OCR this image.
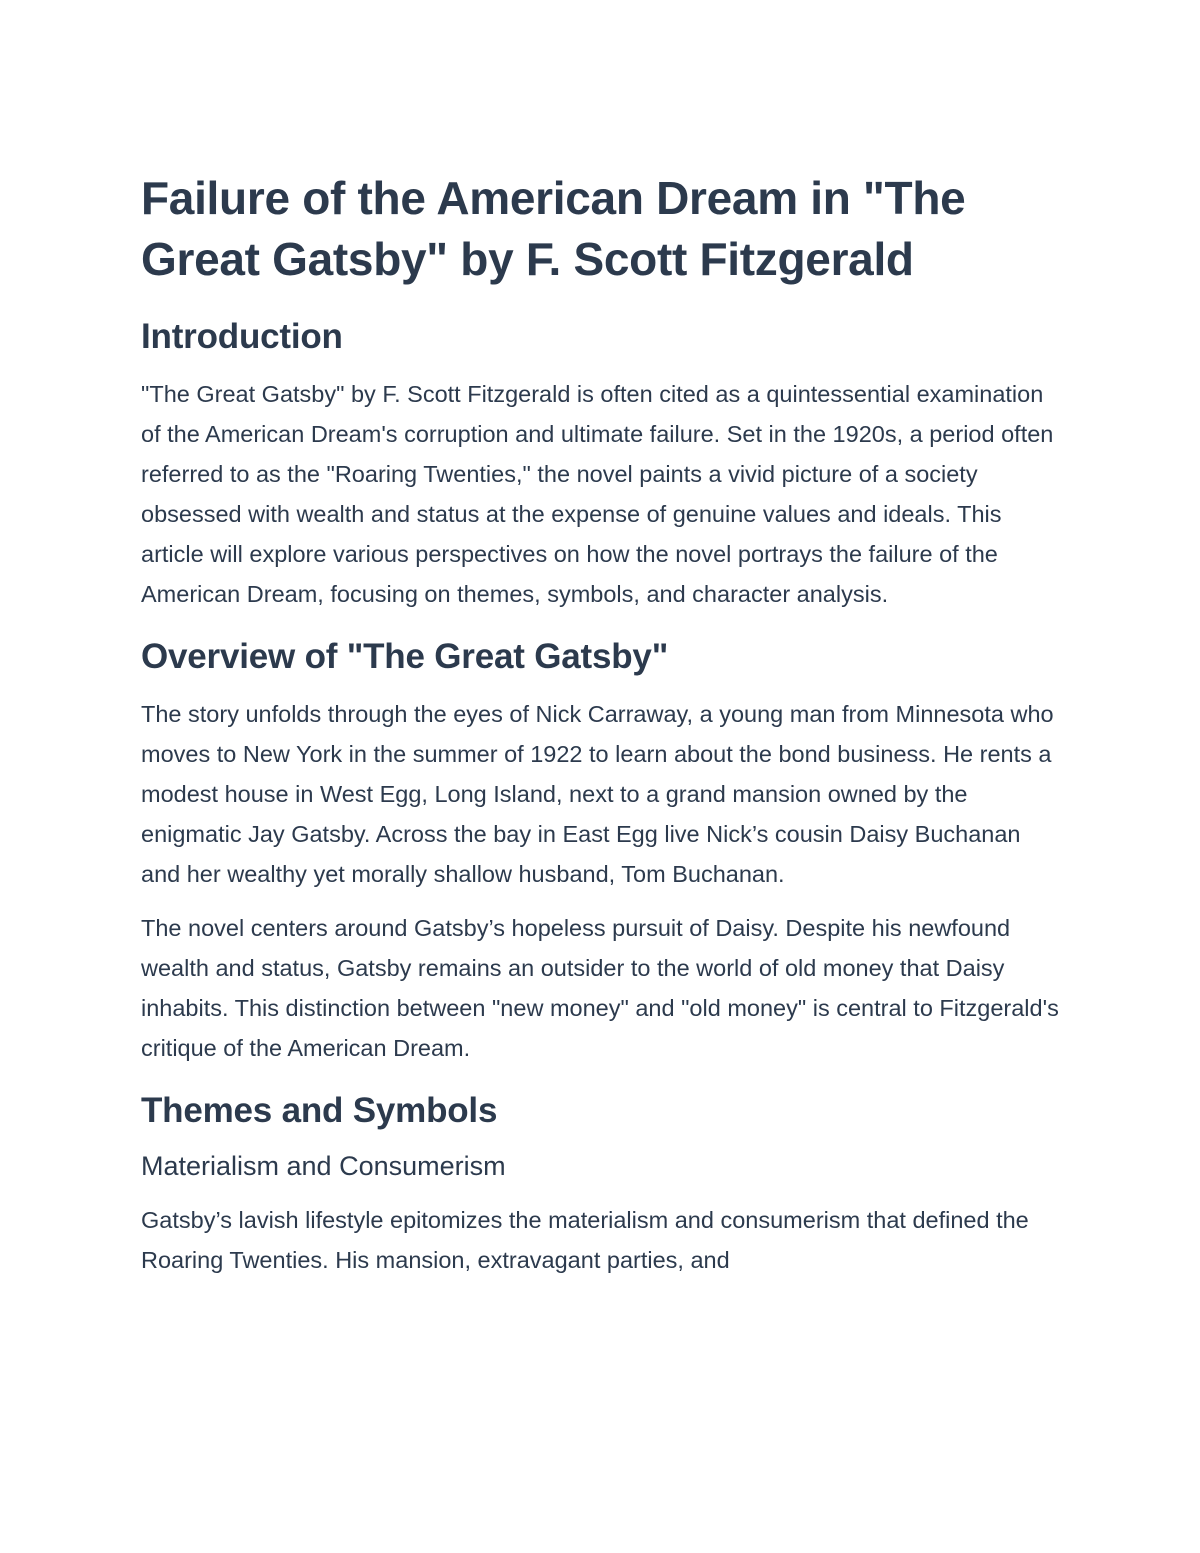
Failure of the American Dream in "The Great Gatsby" by F. Scott Fitzgerald
Introduction

"The Great Gatsby" by F. Scott Fitzgerald is often cited as a quintessential examination of the American Dream's corruption and ultimate failure. Set in the 1920s, a period often referred to as the "Roaring Twenties," the novel paints a vivid picture of a society obsessed with wealth and status at the expense of genuine values and ideals. This article will explore various perspectives on how the novel portrays the failure of the American Dream, focusing on themes, symbols, and character analysis.

Overview of "The Great Gatsby"

The story unfolds through the eyes of Nick Carraway, a young man from Minnesota who moves to New York in the summer of 1922 to learn about the bond business. He rents a modest house in West Egg, Long Island, next to a grand mansion owned by the enigmatic Jay Gatsby. Across the bay in East Egg live Nick’s cousin Daisy Buchanan and her wealthy yet morally shallow husband, Tom Buchanan.

The novel centers around Gatsby’s hopeless pursuit of Daisy. Despite his newfound wealth and status, Gatsby remains an outsider to the world of old money that Daisy inhabits. This distinction between "new money" and "old money" is central to Fitzgerald's critique of the American Dream.

Themes and Symbols
Materialism and Consumerism

Gatsby’s lavish lifestyle epitomizes the materialism and consumerism that defined the Roaring Twenties. His mansion, extravagant parties, and
